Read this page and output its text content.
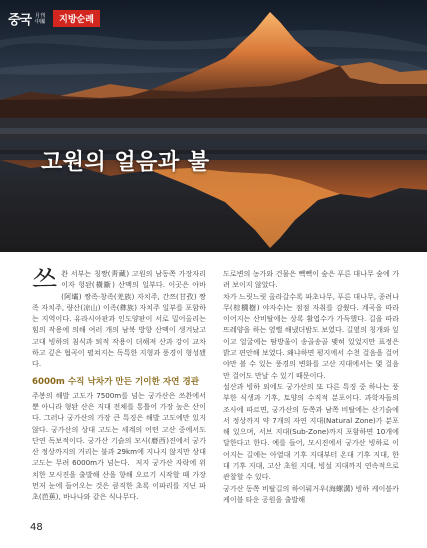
중국 月刊 中國	지방순례
고원의 얼음과 불

쓰촨 서부는 칭짱(靑藏) 고원의 남동쪽 가장자리이자 헝돤(橫斷) 산맥의 일부다. 이곳은 아바(阿壩) 짱족·창족(羌族) 자치주, 간쯔(甘孜) 짱족 자치주, 량산(凉山) 이족(彝族) 자치주 일부를 포함하는 지역이다. 유라시아판과 인도양판이 서로 밀어올리는 힘의 작용에 의해 여러 개의 남북 방향 산맥이 생겨났고 고대 빙하의 침식과 퇴적 작용이 더해져 산과 강이 교차하고 깊은 협곡이 펼쳐지는 독특한 지형과 풍경이 형성됐다.

6000m 수직 낙차가 만든 기이한 자연 경관

주봉의 해발 고도가 7500m를 넘는 궁가산은 쓰촨에서뿐 아니라 형돤 산은 지대 전체를 통틀어 가장 높은 산이다. 그러나 궁가산의 가장 큰 특징은 해발 고도에만 있지 않다. 궁가산의 상대 고도는 세계의 어떤 고산 중에서도 단연 독보적이다. 궁가산 기슭의 모시(磨西)진에서 궁가산 정상까지의 거리는 불과 29km에 지나지 않지만 상대 고도는 무려 6000m가 넘는다.  저지 궁가산 자락에 위치한 모시진을 출발해 산을 향해 오르기 시작할 때 가장 먼저 눈에 들어오는 것은 큼직한 초록 이파리를 지닌 파초(芭蕉), 바나나와 같은 식나무다.

도로변의 농가와 건물은 빽빽이 숲은 푸른 대나무 숲에 가려 보이지 않았다.

차가 느릿느릿 올라갈수록 파초나무, 푸른 대나무, 종려나무(棕櫚樹) 야자수)는 점점 자취를 감췄다. 계곡을 따라 이어지는 산비탈에는 상록 활엽수가 가득했다. 길을 따라 뜨레양을 하는 옆뻘 해냈더밤도 보였다. 길옆의 칭개와 잎이고 얼굴에는 땀방울이 송골송골 맺혀 있었지만 표정은 밝고 편안해 보였다. 왜냐하면 평지에서 수천 걸음을 걸어야만 볼 수 있는 풍경의 변화를 고산 지대에서는 몇 걸음만 걸어도 만날 수 있기 때문이다.

설산과 빙하 외에도 궁가산의 또 다른 특징 중 하나는 풍부한 식생과 기후, 토양의 수직적 분포이다. 과학자들의 조사에 따르면, 궁가산의 동쪽과 남쪽 비탈에는 산기슭에서 정상까지 약 7개의 자연 지대(Natural Zone)가 분포해 있으며, 서브 지대(Sub-Zone)까지 포함하면 10개에 달한다고 한다. 예를 들어, 모시진에서 궁가산 빙하로 이어지는 길에는 아열대 기후 지대부터 온대 기후 지대, 한대 기후 지대, 고산 초원 지대, 빙설 지대까지 연속적으로 관찰할 수 있다.

궁가산 동쪽 비탈길의 하이뤄거우(海螺溝) 빙하 케이블카 케이블 타운 공원을 출발해

48
